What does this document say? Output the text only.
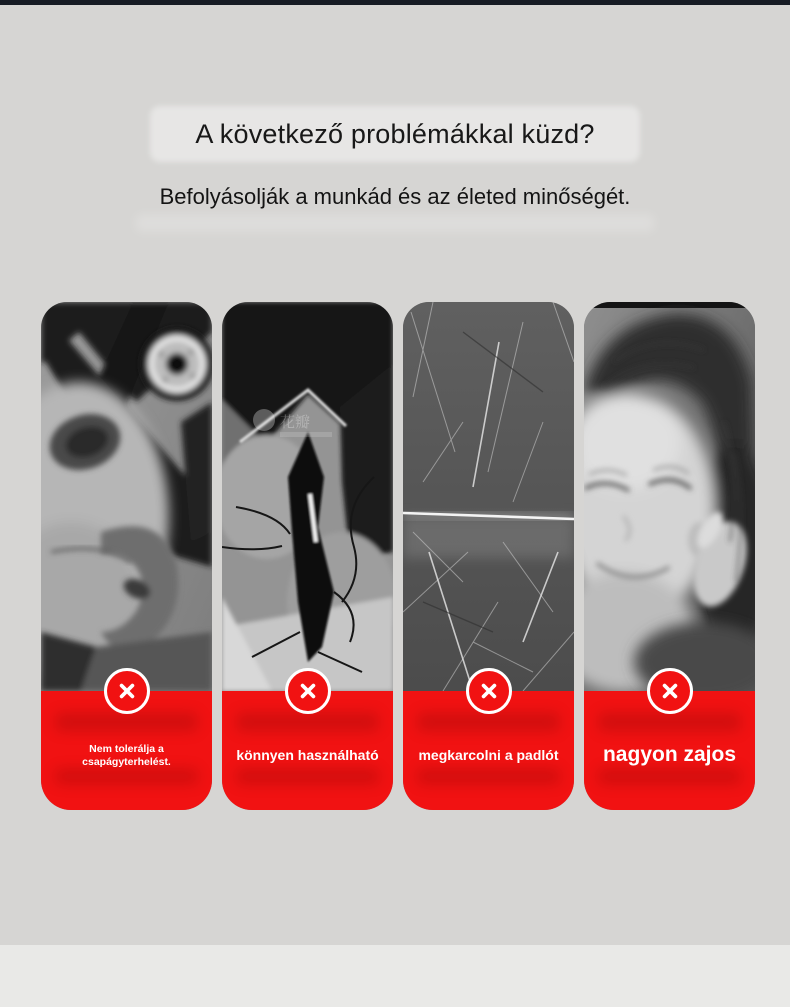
A következő problémákkal küzd?

Befolyásolják a munkád és az életed minőségét.

Nem tolerálja a csapágyterhelést.
花瓣
könnyen használható	megkarcolni a padlót nagyon zajos
